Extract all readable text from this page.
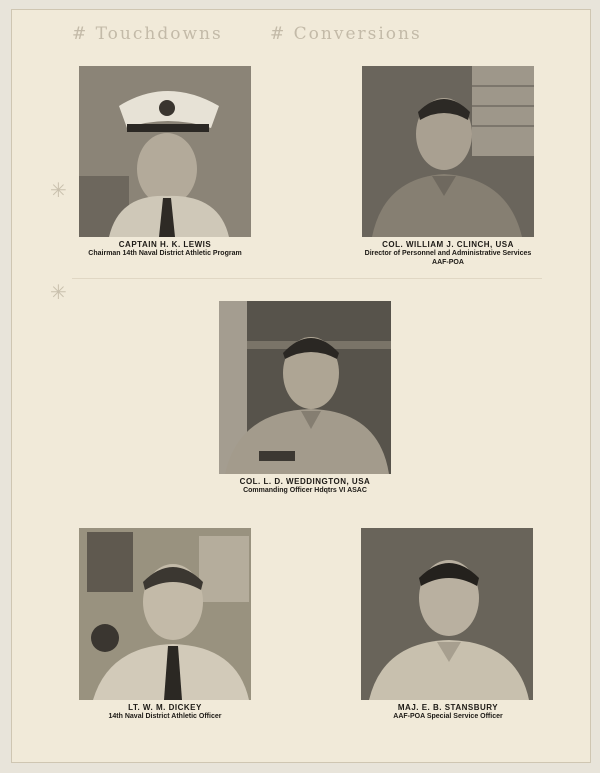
# Touchdowns	# Conversions
✳
✳
CAPTAIN H. K. LEWIS
Chairman 14th Naval District Athletic Program
COL. WILLIAM J. CLINCH, USA
Director of Personnel and Administrative Services
AAF-POA
COL. L. D. WEDDINGTON, USA
Commanding Officer Hdqtrs VI ASAC
LT. W. M. DICKEY
14th Naval District Athletic Officer
MAJ. E. B. STANSBURY
AAF-POA Special Service Officer
